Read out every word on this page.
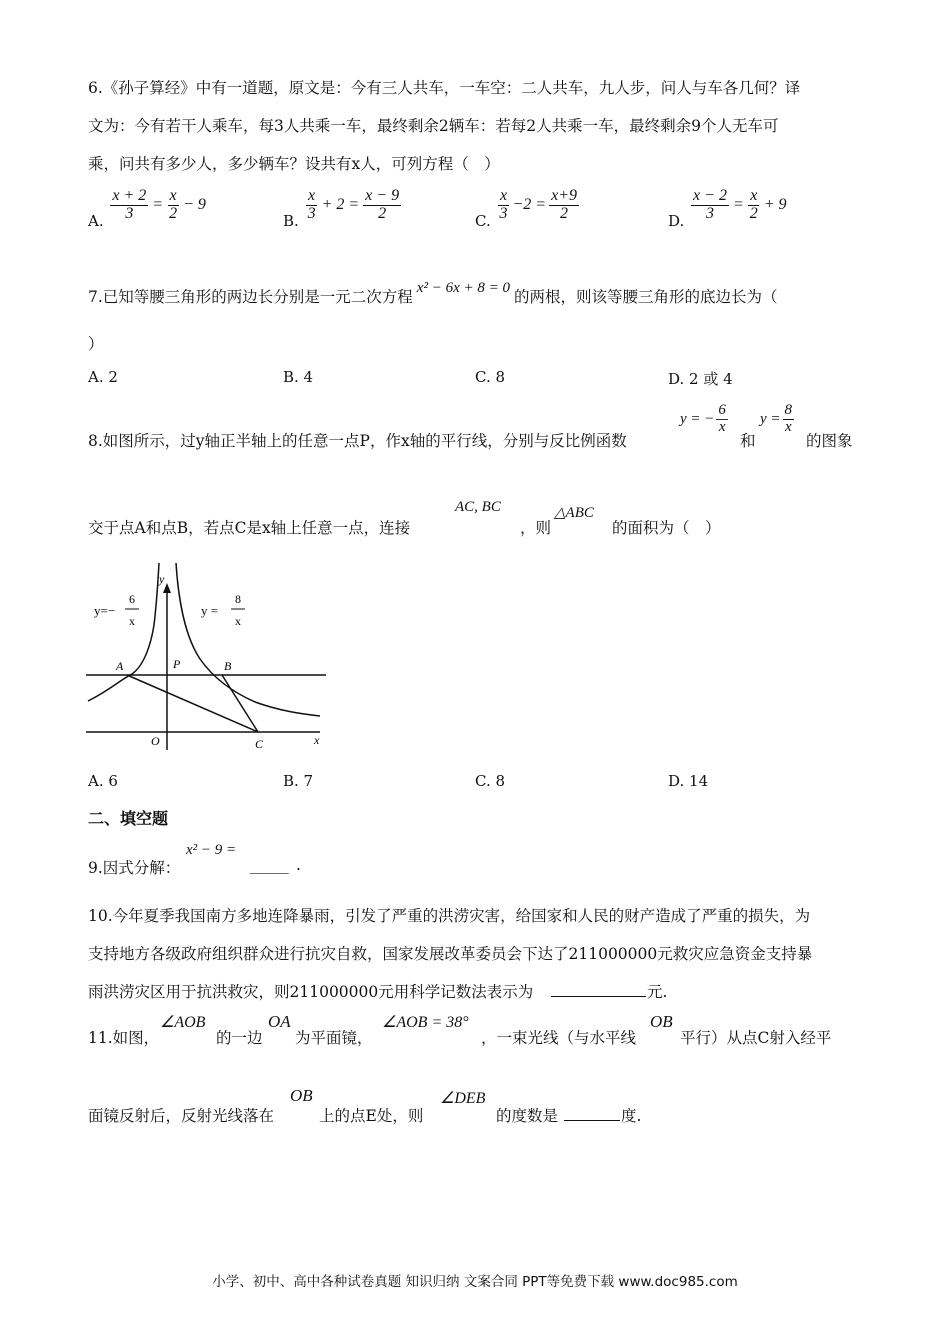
6.《孙子算经》中有一道题，原文是：今有三人共车，一车空：二人共车，九人步，问人与车各几何？译
文为：今有若干人乘车，每3人共乘一车，最终剩余2辆车：若每2人共乘一车，最终剩余9个人无车可
乘，问共有多少人，多少辆车？设共有x人，可列方程（　）
A. $\frac{x + 2}{3} = \frac{x}{2} - 9$
B. $\frac{x}{3} + 2 = \frac{x - 9}{2}$	C. $\frac{x}{3} -2 = \frac{x+9}{2}$	D. $\frac{x - 2}{3} = \frac{x}{2} + 9$
7.已知等腰三角形的两边长分别是一元二次方程 x² − 6x + 8 = 0 的两根，则该等腰三角形的底边长为（
）
A. 2	B. 4	C. 8	D. 2 或 4
8.如图所示，过y轴正半轴上的任意一点P，作x轴的平行线，分别与反比例函数
y = − $\frac{6}{x}$
和
$y = \frac{8}{x}$
的图象
交于点A和点B，若点C是x轴上任意一点，连接
AC, BC
，则
△ABC
的面积为（　）
y=−
6
x
y =
8
x
A	P	B
O	C	x
y
A. 6	B. 7	C. 8	D. 14
二、填空题
9.因式分解：
x² − 9 =
_____ .
10.今年夏季我国南方多地连降暴雨，引发了严重的洪涝灾害，给国家和人民的财产造成了严重的损失，为
支持地方各级政府组织群众进行抗灾自救，国家发展改革委员会下达了211000000元救灾应急资金支持暴
雨洪涝灾区用于抗洪救灾，则211000000元用科学记数法表示为	元.
11.如图，
∠AOB
的一边
OA
为平面镜，
∠AOB = 38°
，一束光线（与水平线
OB
平行）从点C射入经平
面镜反射后，反射光线落在
OB
上的点E处，则
∠DEB
的度数是	度.
小学、初中、高中各种试卷真题 知识归纳 文案合同 PPT等免费下载 www.doc985.com
